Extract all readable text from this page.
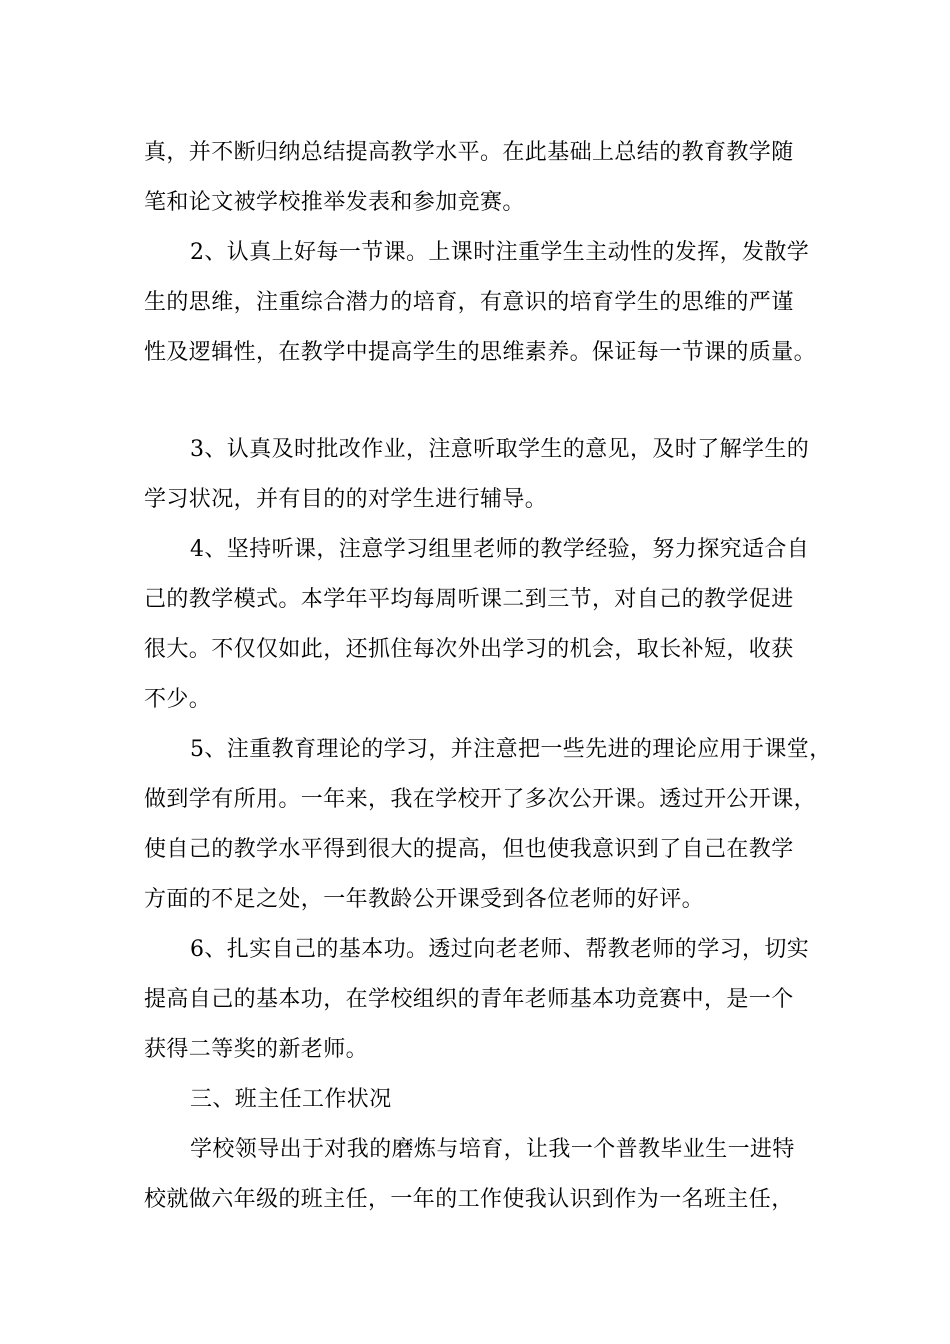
真，并不断归纳总结提高教学水平。在此基础上总结的教育教学随
笔和论文被学校推举发表和参加竞赛。
2、认真上好每一节课。上课时注重学生主动性的发挥，发散学
生的思维，注重综合潜力的培育，有意识的培育学生的思维的严谨
性及逻辑性，在教学中提高学生的思维素养。保证每一节课的质量。
3、认真及时批改作业，注意听取学生的意见，及时了解学生的
学习状况，并有目的的对学生进行辅导。
4、坚持听课，注意学习组里老师的教学经验，努力探究适合自
己的教学模式。本学年平均每周听课二到三节，对自己的教学促进
很大。不仅仅如此，还抓住每次外出学习的机会，取长补短，收获
不少。
5、注重教育理论的学习，并注意把一些先进的理论应用于课堂，
做到学有所用。一年来，我在学校开了多次公开课。透过开公开课，
使自己的教学水平得到很大的提高，但也使我意识到了自己在教学
方面的不足之处，一年教龄公开课受到各位老师的好评。
6、扎实自己的基本功。透过向老老师、帮教老师的学习，切实
提高自己的基本功，在学校组织的青年老师基本功竞赛中，是一个
获得二等奖的新老师。
三、班主任工作状况
学校领导出于对我的磨炼与培育，让我一个普教毕业生一进特
校就做六年级的班主任，一年的工作使我认识到作为一名班主任，
